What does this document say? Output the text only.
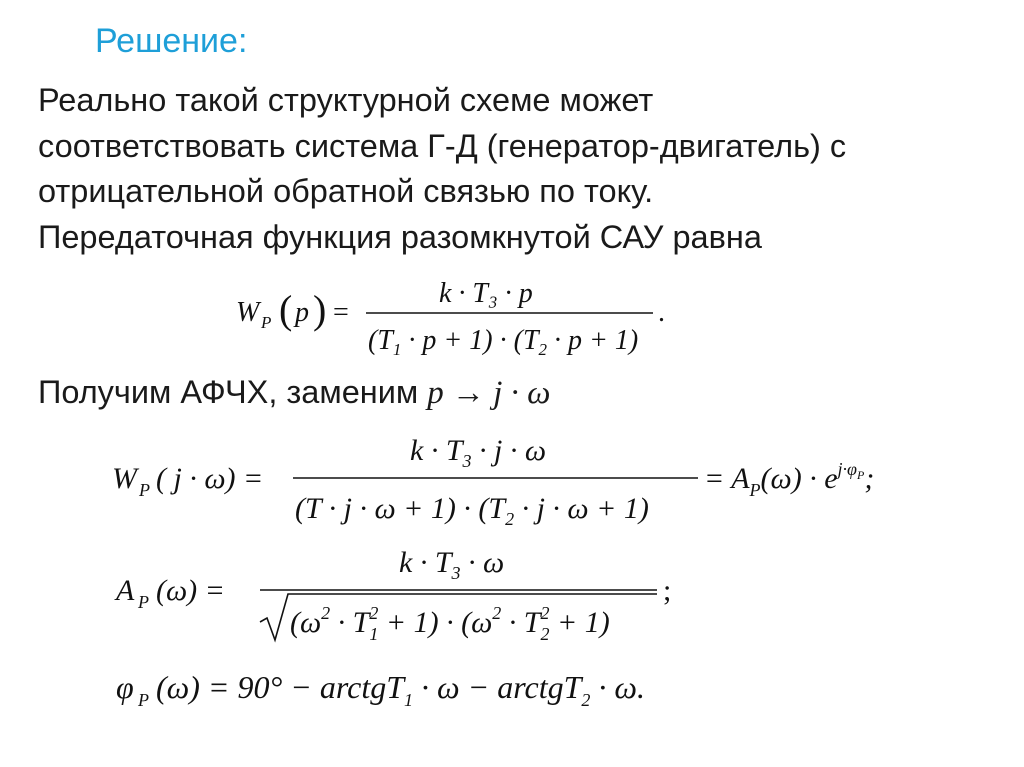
Решение:
Реально такой структурной схеме может
соответствовать система Г-Д (генератор-двигатель) с
отрицательной обратной связью по току.
Передаточная функция разомкнутой САУ равна
W P ( p ) =
k · T₃ · p
$(T_1 \cdot p + 1) \cdot (T_2 \cdot p + 1)$
.
Получим АФЧХ, заменим p → j · ω
W P ( j · ω) =
$k \cdot T_3 \cdot j \cdot \omega$
$(T \cdot j \cdot \omega + 1) \cdot (T_2 \cdot j \cdot \omega + 1)$
= $A_P(\omega) \cdot e^{j\cdot\varphi}P$;
A P (ω) =
$k \cdot T_3 \cdot \omega$
$(\omega^2 \cdot T_12 + 1) \cdot (\omega^2 \cdot T_22 + 1)$
;
φ P (ω) = 90° − arctgT$_1$ · ω − arctgT$_2$ · ω.
